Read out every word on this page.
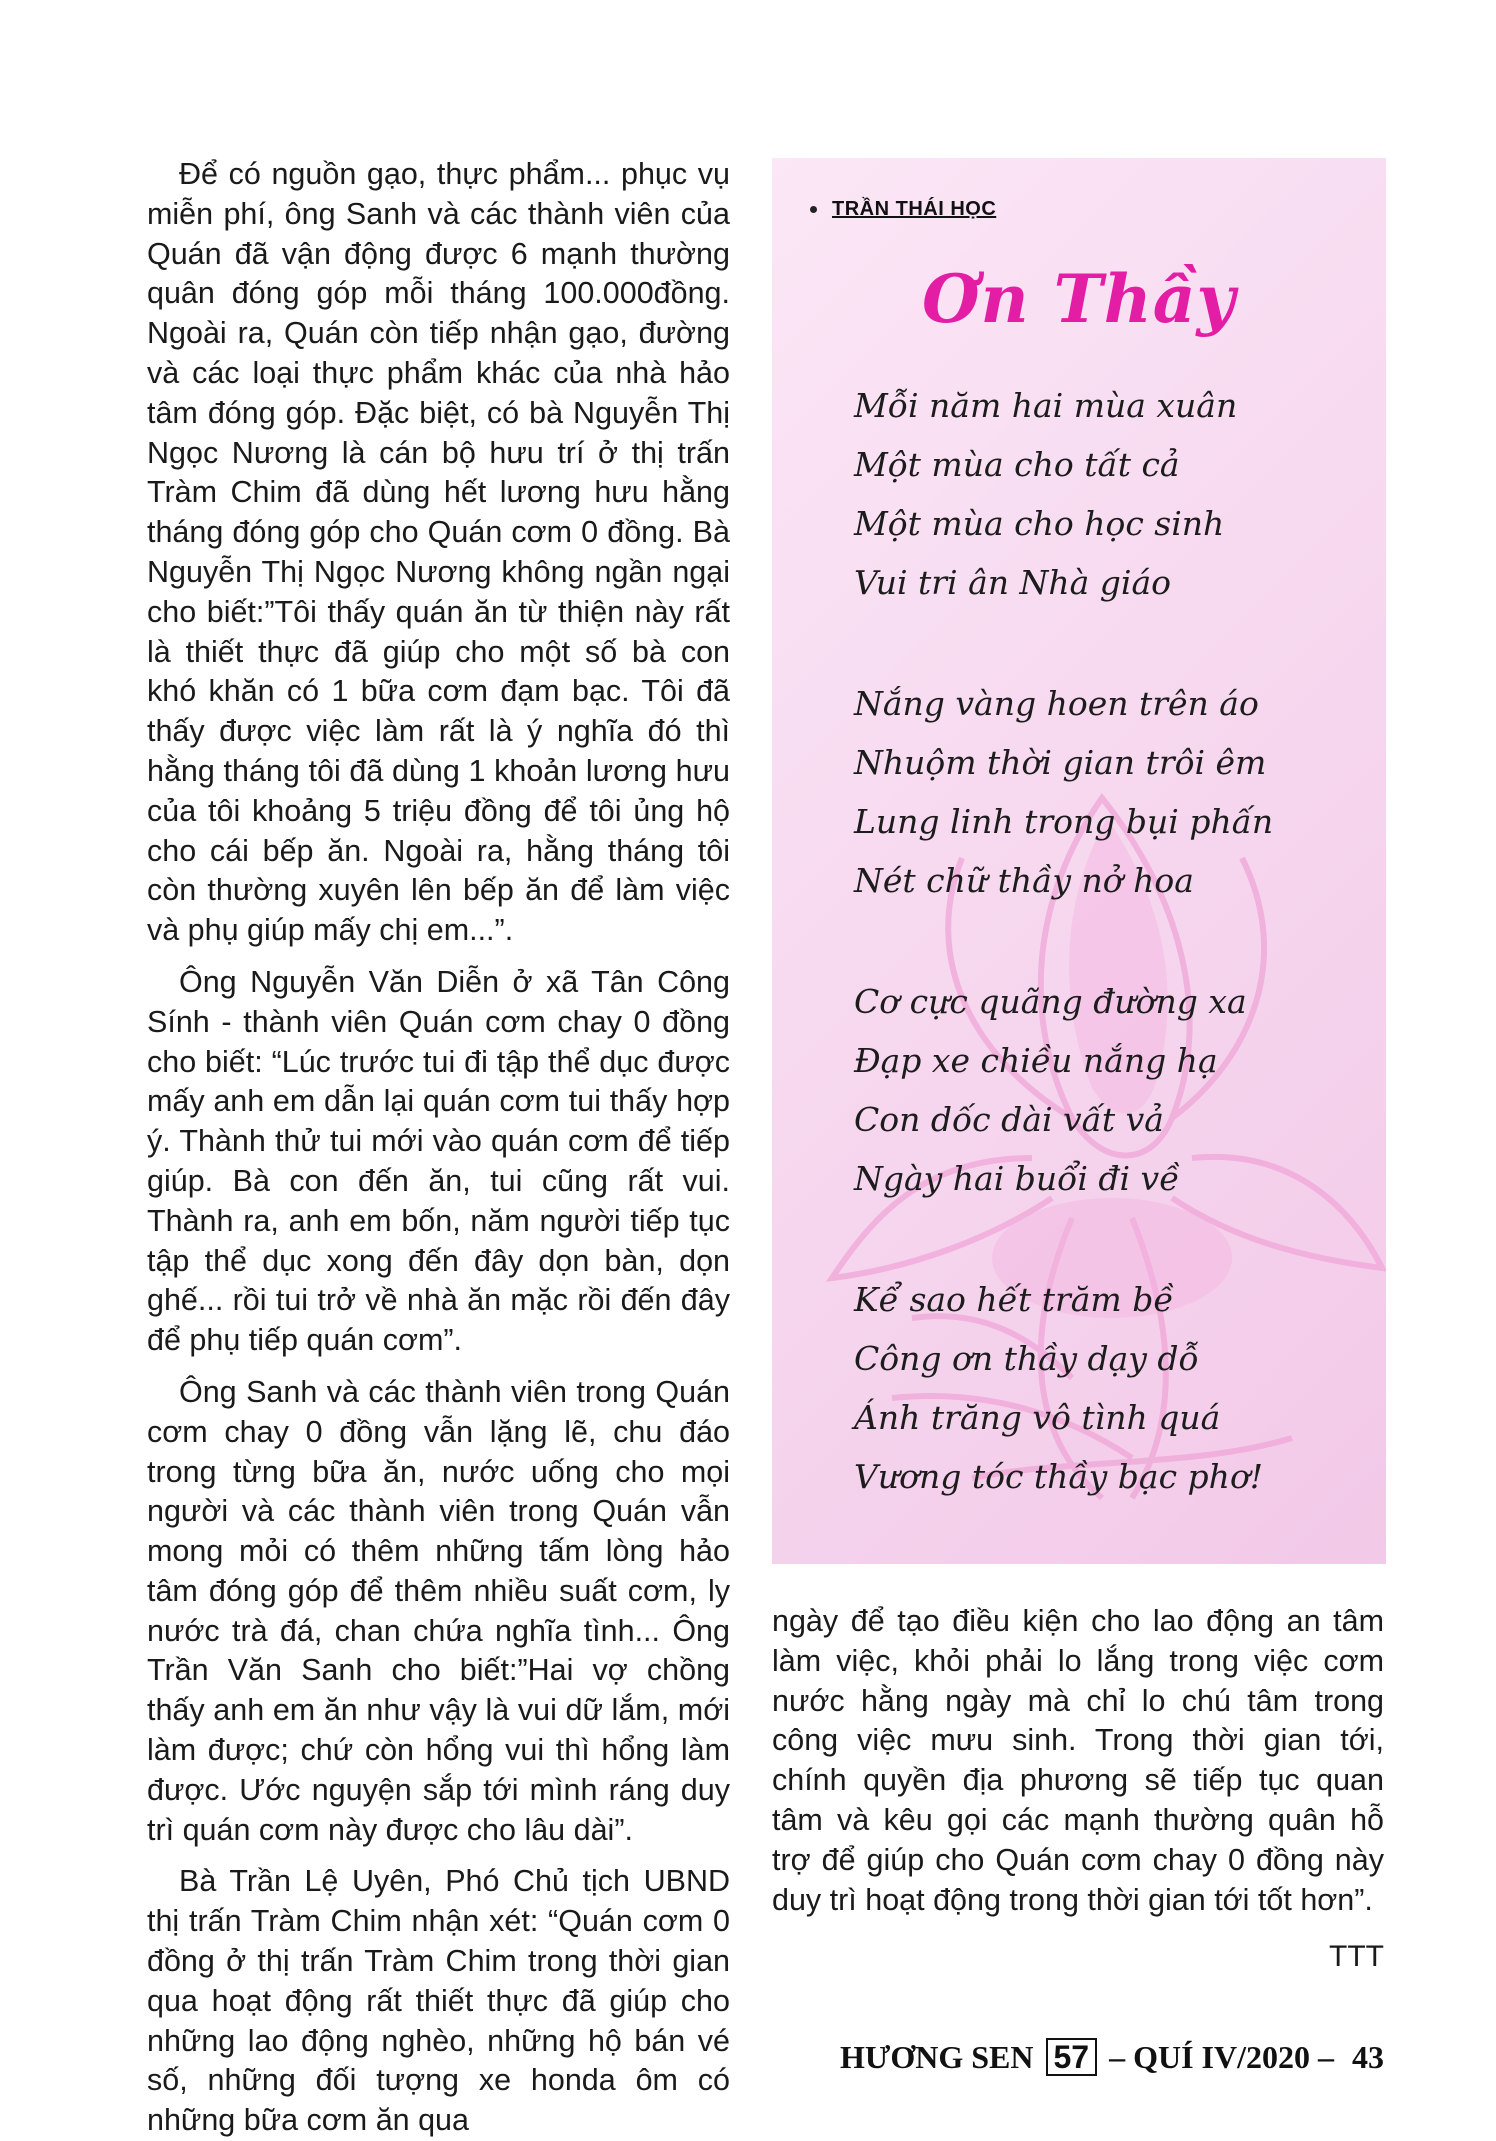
Để có nguồn gạo, thực phẩm... phục vụ miễn phí, ông Sanh và các thành viên của Quán đã vận động được 6 mạnh thường quân đóng góp mỗi tháng 100.000đồng. Ngoài ra, Quán còn tiếp nhận gạo, đường và các loại thực phẩm khác của nhà hảo tâm đóng góp. Đặc biệt, có bà Nguyễn Thị Ngọc Nương là cán bộ hưu trí ở thị trấn Tràm Chim đã dùng hết lương hưu hằng tháng đóng góp cho Quán cơm 0 đồng. Bà Nguyễn Thị Ngọc Nương không ngần ngại cho biết:”Tôi thấy quán ăn từ thiện này rất là thiết thực đã giúp cho một số bà con khó khăn có 1 bữa cơm đạm bạc. Tôi đã thấy được việc làm rất là ý nghĩa đó thì hằng tháng tôi đã dùng 1 khoản lương hưu của tôi khoảng 5 triệu đồng để tôi ủng hộ cho cái bếp ăn. Ngoài ra, hằng tháng tôi còn thường xuyên lên bếp ăn để làm việc và phụ giúp mấy chị em...”.

Ông Nguyễn Văn Diễn ở xã Tân Công Sính - thành viên Quán cơm chay 0 đồng cho biết: “Lúc trước tui đi tập thể dục được mấy anh em dẫn lại quán cơm tui thấy hợp ý. Thành thử tui mới vào quán cơm để tiếp giúp. Bà con đến ăn, tui cũng rất vui. Thành ra, anh em bốn, năm người tiếp tục tập thể dục xong đến đây dọn bàn, dọn ghế... rồi tui trở về nhà ăn mặc rồi đến đây để phụ tiếp quán cơm”.

Ông Sanh và các thành viên trong Quán cơm chay 0 đồng vẫn lặng lẽ, chu đáo trong từng bữa ăn, nước uống cho mọi người và các thành viên trong Quán vẫn mong mỏi có thêm những tấm lòng hảo tâm đóng góp để thêm nhiều suất cơm, ly nước trà đá, chan chứa nghĩa tình... Ông Trần Văn Sanh cho biết:”Hai vợ chồng thấy anh em ăn như vậy là vui dữ lắm, mới làm được; chứ còn hổng vui thì hổng làm được. Ước nguyện sắp tới mình ráng duy trì quán cơm này được cho lâu dài”.

Bà Trần Lệ Uyên, Phó Chủ tịch UBND thị trấn Tràm Chim nhận xét: “Quán cơm 0 đồng ở thị trấn Tràm Chim trong thời gian qua hoạt động rất thiết thực đã giúp cho những lao động nghèo, những hộ bán vé số, những đối tượng xe honda ôm có những bữa cơm ăn qua

TRẦN THÁI HỌC
Ơn Thầy
Mỗi năm hai mùa xuân
Một mùa cho tất cả
Một mùa cho học sinh
Vui tri ân Nhà giáo
Nắng vàng hoen trên áo
Nhuộm thời gian trôi êm
Lung linh trong bụi phấn
Nét chữ thầy nở hoa
Cơ cực quãng đường xa
Đạp xe chiều nắng hạ
Con dốc dài vất vả
Ngày hai buổi đi về
Kể sao hết trăm bề
Công ơn thầy dạy dỗ
Ánh trăng vô tình quá
Vương tóc thầy bạc phơ!
ngày để tạo điều kiện cho lao động an tâm làm việc, khỏi phải lo lắng trong việc cơm nước hằng ngày mà chỉ lo chú tâm trong công việc mưu sinh. Trong thời gian tới, chính quyền địa phương sẽ tiếp tục quan tâm và kêu gọi các mạnh thường quân hỗ trợ để giúp cho Quán cơm chay 0 đồng này duy trì hoạt động trong thời gian tới tốt hơn”.
TTT
HƯƠNG SEN 57 – QUÍ IV/2020 – 43
